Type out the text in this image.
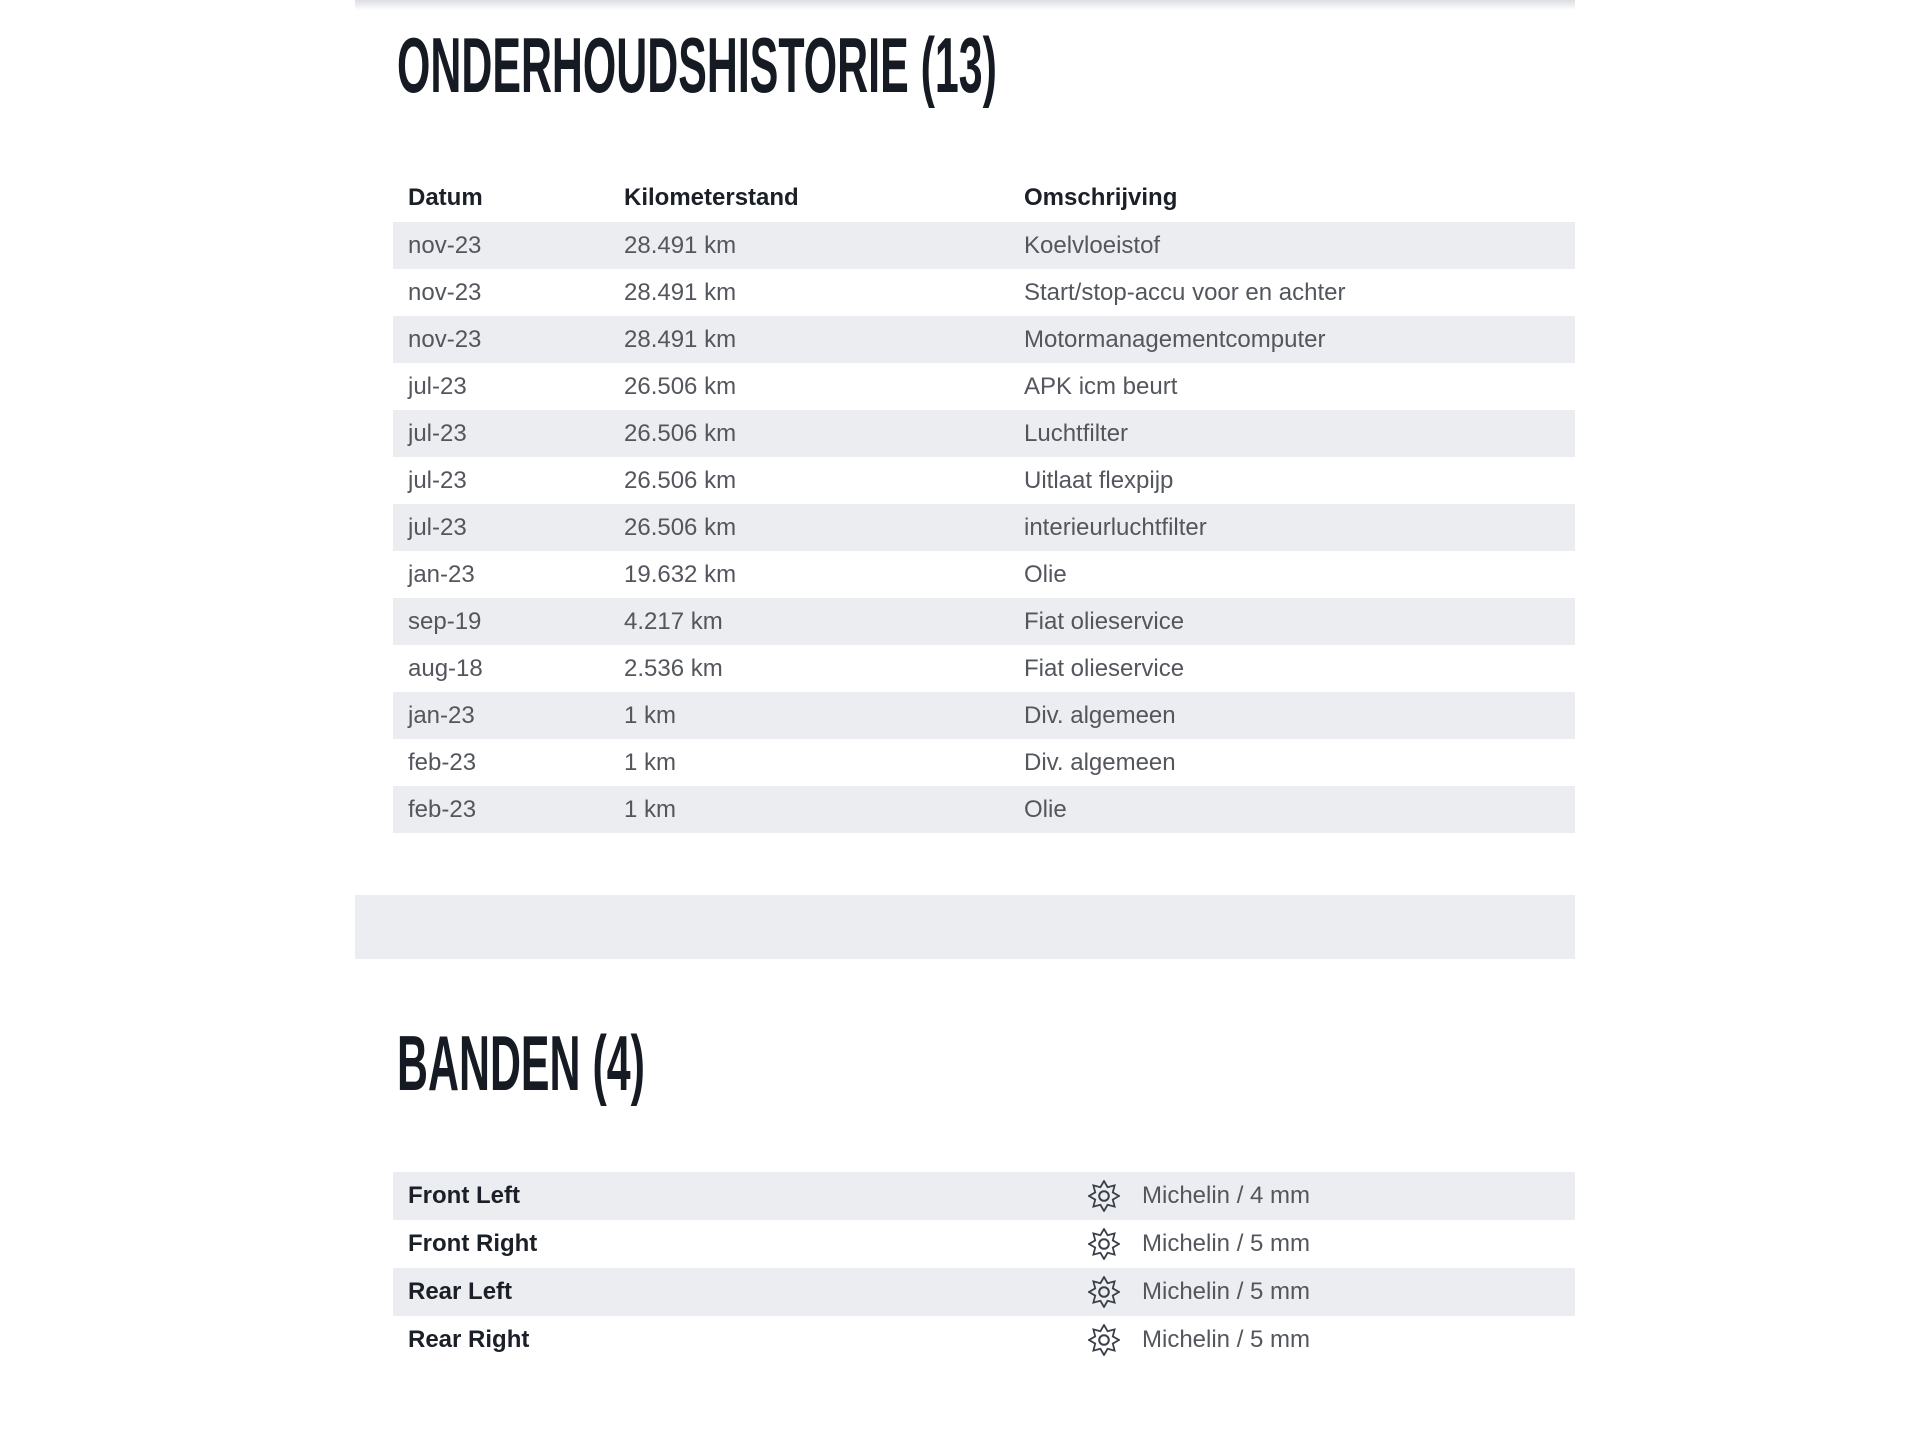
ONDERHOUDSHISTORIE (13)
Datum	Kilometerstand	Omschrijving
nov-23	28.491 km	Koelvloeistof
nov-23	28.491 km	Start/stop-accu voor en achter
nov-23	28.491 km	Motormanagementcomputer
jul-23	26.506 km	APK icm beurt
jul-23	26.506 km	Luchtfilter
jul-23	26.506 km	Uitlaat flexpijp
jul-23	26.506 km	interieurluchtfilter
jan-23	19.632 km	Olie
sep-19	4.217 km	Fiat olieservice
aug-18	2.536 km	Fiat olieservice
jan-23	1 km	Div. algemeen
feb-23	1 km	Div. algemeen
feb-23	1 km	Olie
BANDEN (4)
Front Left	Michelin / 4 mm
Front Right	Michelin / 5 mm
Rear Left	Michelin / 5 mm
Rear Right	Michelin / 5 mm
